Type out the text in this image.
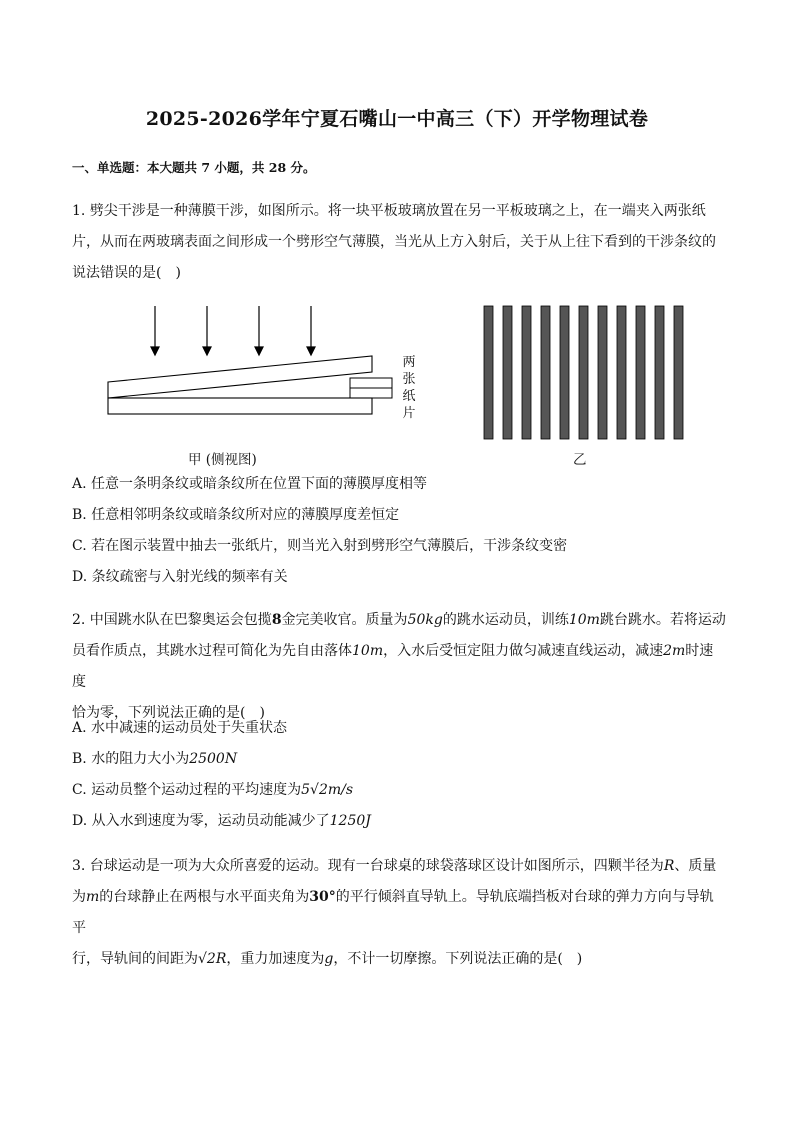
2025-2026学年宁夏石嘴山一中高三（下）开学物理试卷
一、单选题：本大题共 7 小题，共 28 分。
1. 劈尖干涉是一种薄膜干涉，如图所示。将一块平板玻璃放置在另一平板玻璃之上，在一端夹入两张纸片，从而在两玻璃表面之间形成一个劈形空气薄膜，当光从上方入射后，关于从上往下看到的干涉条纹的说法错误的是(　)
两
张
纸
片
甲 (侧视图)	乙
A. 任意一条明条纹或暗条纹所在位置下面的薄膜厚度相等
B. 任意相邻明条纹或暗条纹所对应的薄膜厚度差恒定
C. 若在图示装置中抽去一张纸片，则当光入射到劈形空气薄膜后，干涉条纹变密
D. 条纹疏密与入射光线的频率有关
2. 中国跳水队在巴黎奥运会包揽8金完美收官。质量为50kg的跳水运动员，训练10m跳台跳水。若将运动
员看作质点，其跳水过程可简化为先自由落体10m，入水后受恒定阻力做匀减速直线运动，减速2m时速度
恰为零，下列说法正确的是(　)
A. 水中减速的运动员处于失重状态
B. 水的阻力大小为2500N
C. 运动员整个运动过程的平均速度为5√2m/s
D. 从入水到速度为零，运动员动能减少了1250J
3. 台球运动是一项为大众所喜爱的运动。现有一台球桌的球袋落球区设计如图所示，四颗半径为R、质量
为m的台球静止在两根与水平面夹角为30°的平行倾斜直导轨上。导轨底端挡板对台球的弹力方向与导轨平
行，导轨间的间距为√2R，重力加速度为g，不计一切摩擦。下列说法正确的是(　)
